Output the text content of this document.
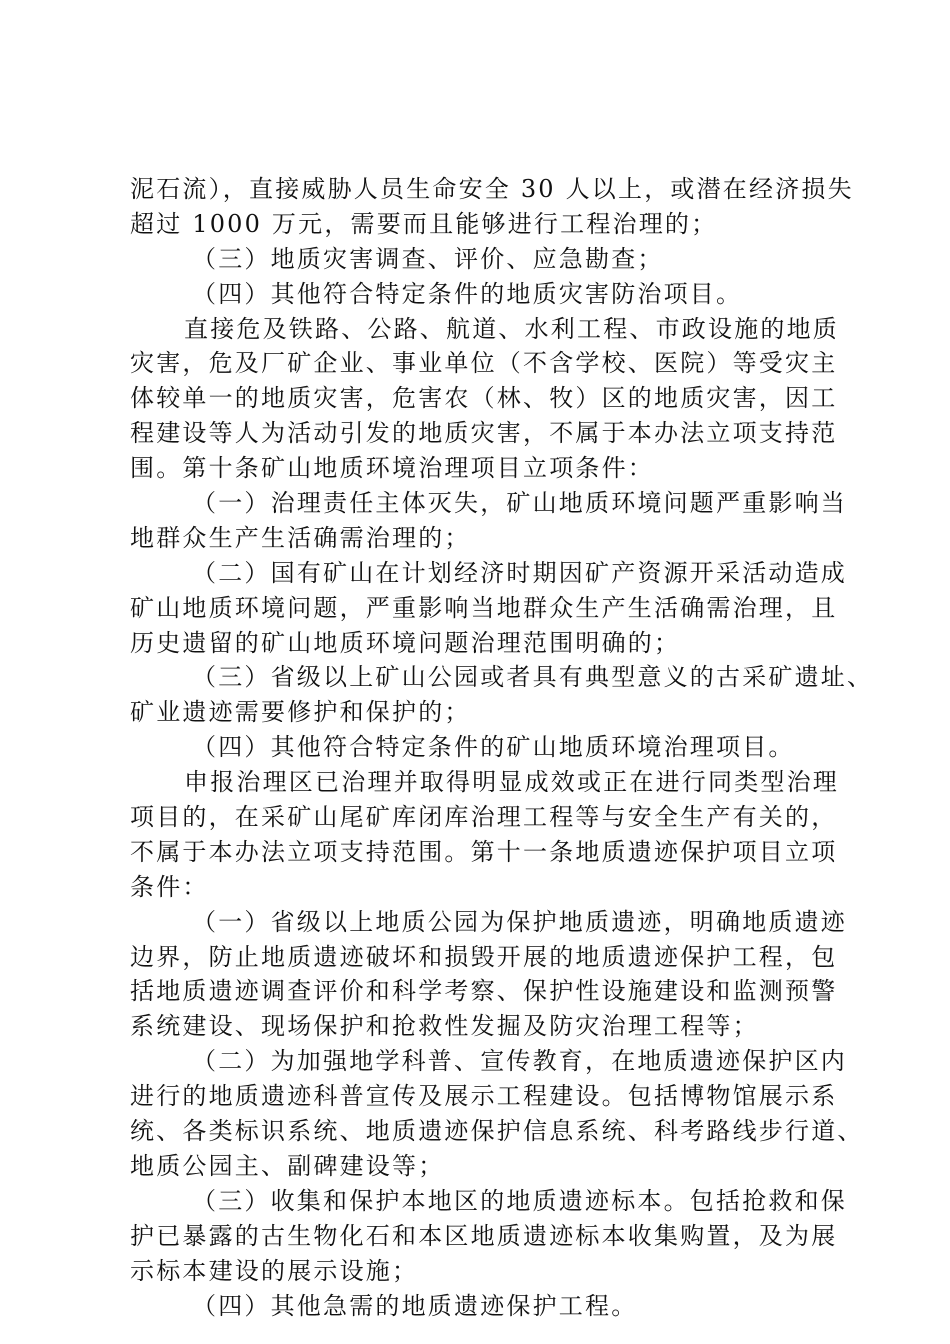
泥石流），直接威胁人员生命安全 30 人以上，或潜在经济损失
超过 1000 万元，需要而且能够进行工程治理的；
（三）地质灾害调查、评价、应急勘查；
（四）其他符合特定条件的地质灾害防治项目。
直接危及铁路、公路、航道、水利工程、市政设施的地质
灾害，危及厂矿企业、事业单位（不含学校、医院）等受灾主
体较单一的地质灾害，危害农（林、牧）区的地质灾害，因工
程建设等人为活动引发的地质灾害，不属于本办法立项支持范
围。第十条矿山地质环境治理项目立项条件：
（一）治理责任主体灭失，矿山地质环境问题严重影响当
地群众生产生活确需治理的；
（二）国有矿山在计划经济时期因矿产资源开采活动造成
矿山地质环境问题，严重影响当地群众生产生活确需治理，且
历史遗留的矿山地质环境问题治理范围明确的；
（三）省级以上矿山公园或者具有典型意义的古采矿遗址、
矿业遗迹需要修护和保护的；
（四）其他符合特定条件的矿山地质环境治理项目。
申报治理区已治理并取得明显成效或正在进行同类型治理
项目的，在采矿山尾矿库闭库治理工程等与安全生产有关的，
不属于本办法立项支持范围。第十一条地质遗迹保护项目立项
条件：
（一）省级以上地质公园为保护地质遗迹，明确地质遗迹
边界，防止地质遗迹破坏和损毁开展的地质遗迹保护工程，包
括地质遗迹调查评价和科学考察、保护性设施建设和监测预警
系统建设、现场保护和抢救性发掘及防灾治理工程等；
（二）为加强地学科普、宣传教育，在地质遗迹保护区内
进行的地质遗迹科普宣传及展示工程建设。包括博物馆展示系
统、各类标识系统、地质遗迹保护信息系统、科考路线步行道、
地质公园主、副碑建设等；
（三）收集和保护本地区的地质遗迹标本。包括抢救和保
护已暴露的古生物化石和本区地质遗迹标本收集购置，及为展
示标本建设的展示设施；
（四）其他急需的地质遗迹保护工程。
